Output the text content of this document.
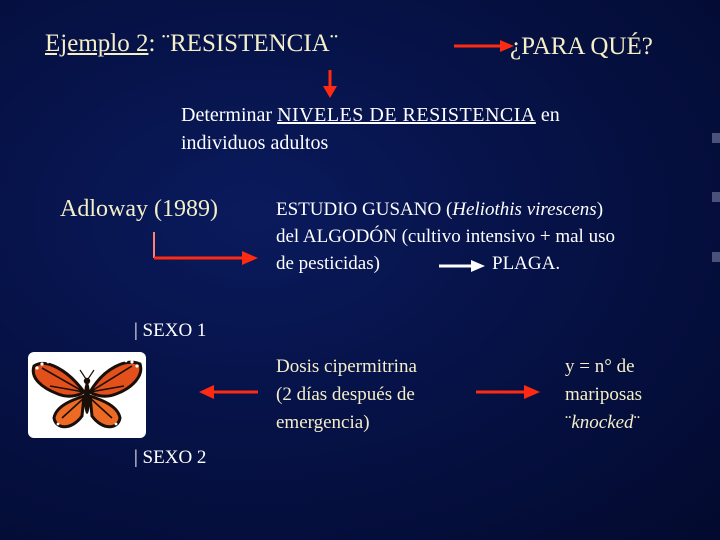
Ejemplo 2: ¨RESISTENCIA¨	¿PARA QUÉ?
Determinar NIVELES DE RESISTENCIA en
individuos adultos
Adloway (1989)	ESTUDIO GUSANO (Heliothis virescens)
del ALGODÓN (cultivo intensivo + mal uso
de pesticidas)	PLAGA.
| SEXO 1
| SEXO 2
Dosis cipermitrina
(2 días después de
emergencia)
y = n° de
mariposas
¨knocked¨
